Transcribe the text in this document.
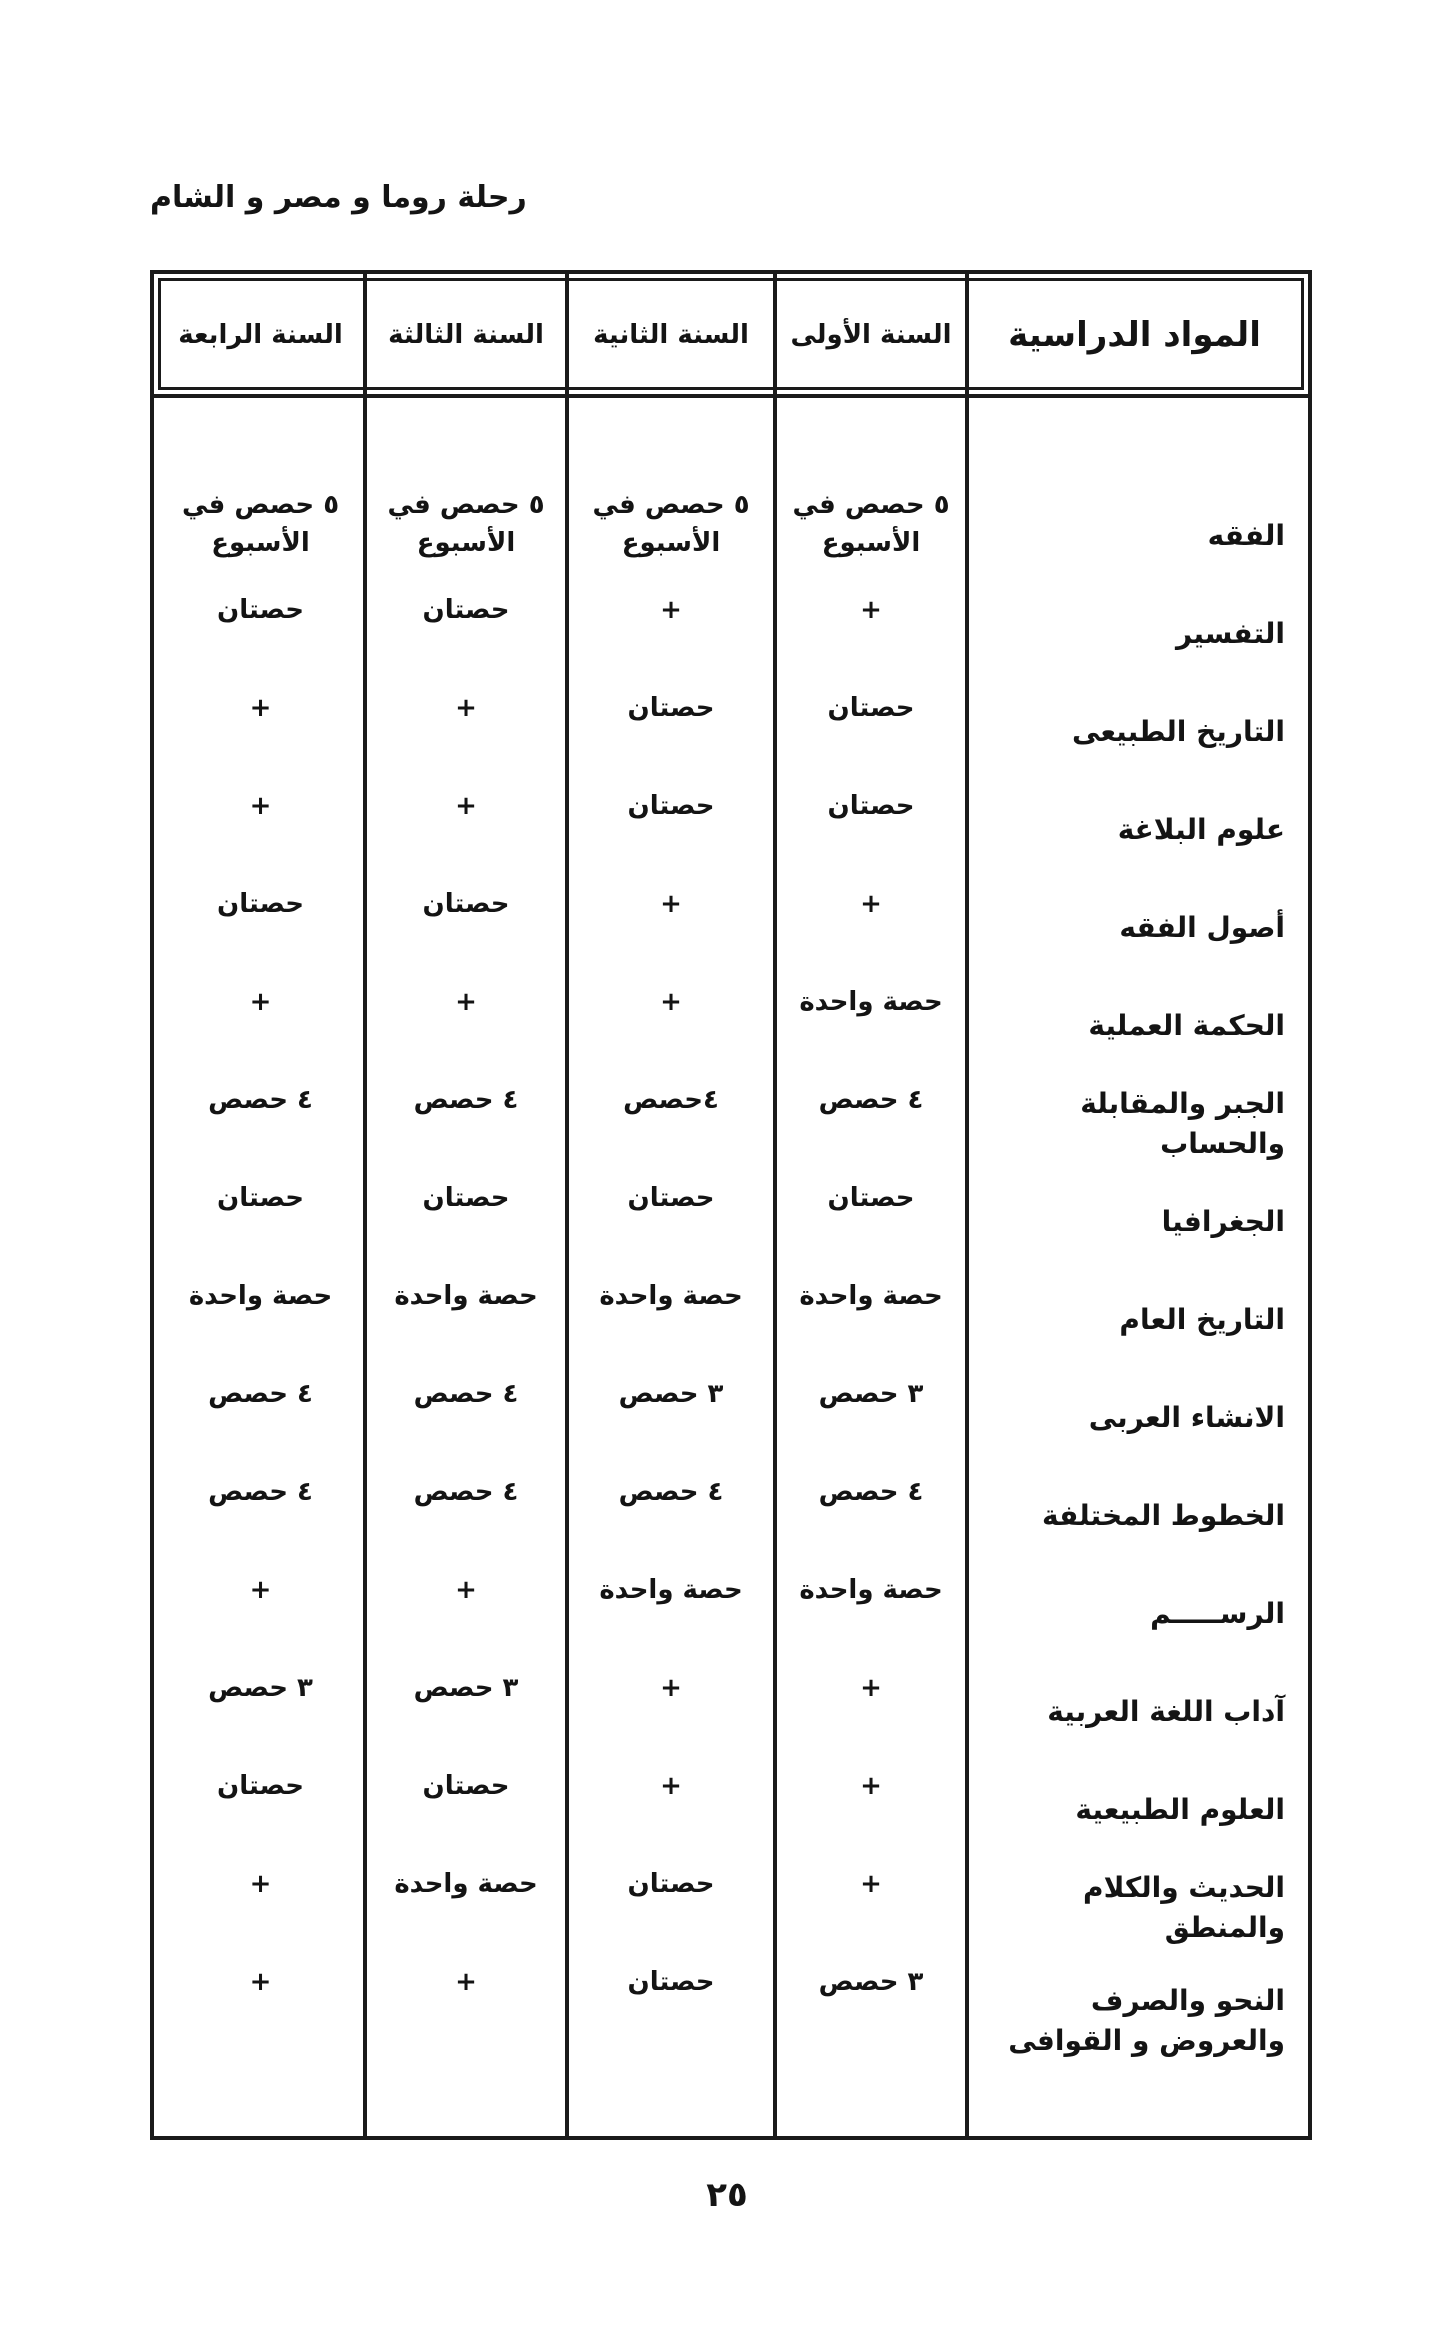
رحلة روما و مصر و الشام
المواد الدراسية
السنة الأولى
السنة الثانية
السنة الثالثة
السنة الرابعة
الفقه
٥ حصص في
الأسبوع
٥ حصص في
الأسبوع
٥ حصص في
الأسبوع
٥ حصص في
الأسبوع
التفسير
+
+
حصتان
حصتان
التاريخ الطبيعى
حصتان
حصتان
+
+
علوم البلاغة
حصتان
حصتان
+
+
أصول الفقه
+
+
حصتان
حصتان
الحكمة العملية
حصة واحدة
+
+
+
الجبر والمقابلة والحساب
٤ حصص
٤حصص
٤ حصص
٤ حصص
الجغرافيا
حصتان
حصتان
حصتان
حصتان
التاريخ العام
حصة واحدة
حصة واحدة
حصة واحدة
حصة واحدة
الانشاء العربى
٣ حصص
٣ حصص
٤ حصص
٤ حصص
الخطوط المختلفة
٤ حصص
٤ حصص
٤ حصص
٤ حصص
الرســـــم
حصة واحدة
حصة واحدة
+
+
آداب اللغة العربية
+
+
٣ حصص
٣ حصص
العلوم الطبيعية
+
+
حصتان
حصتان
الحديث والكلام والمنطق
+
حصتان
حصة واحدة
+
النحو والصرف
والعروض و القوافى
٣ حصص
حصتان
+
+
٢٥
